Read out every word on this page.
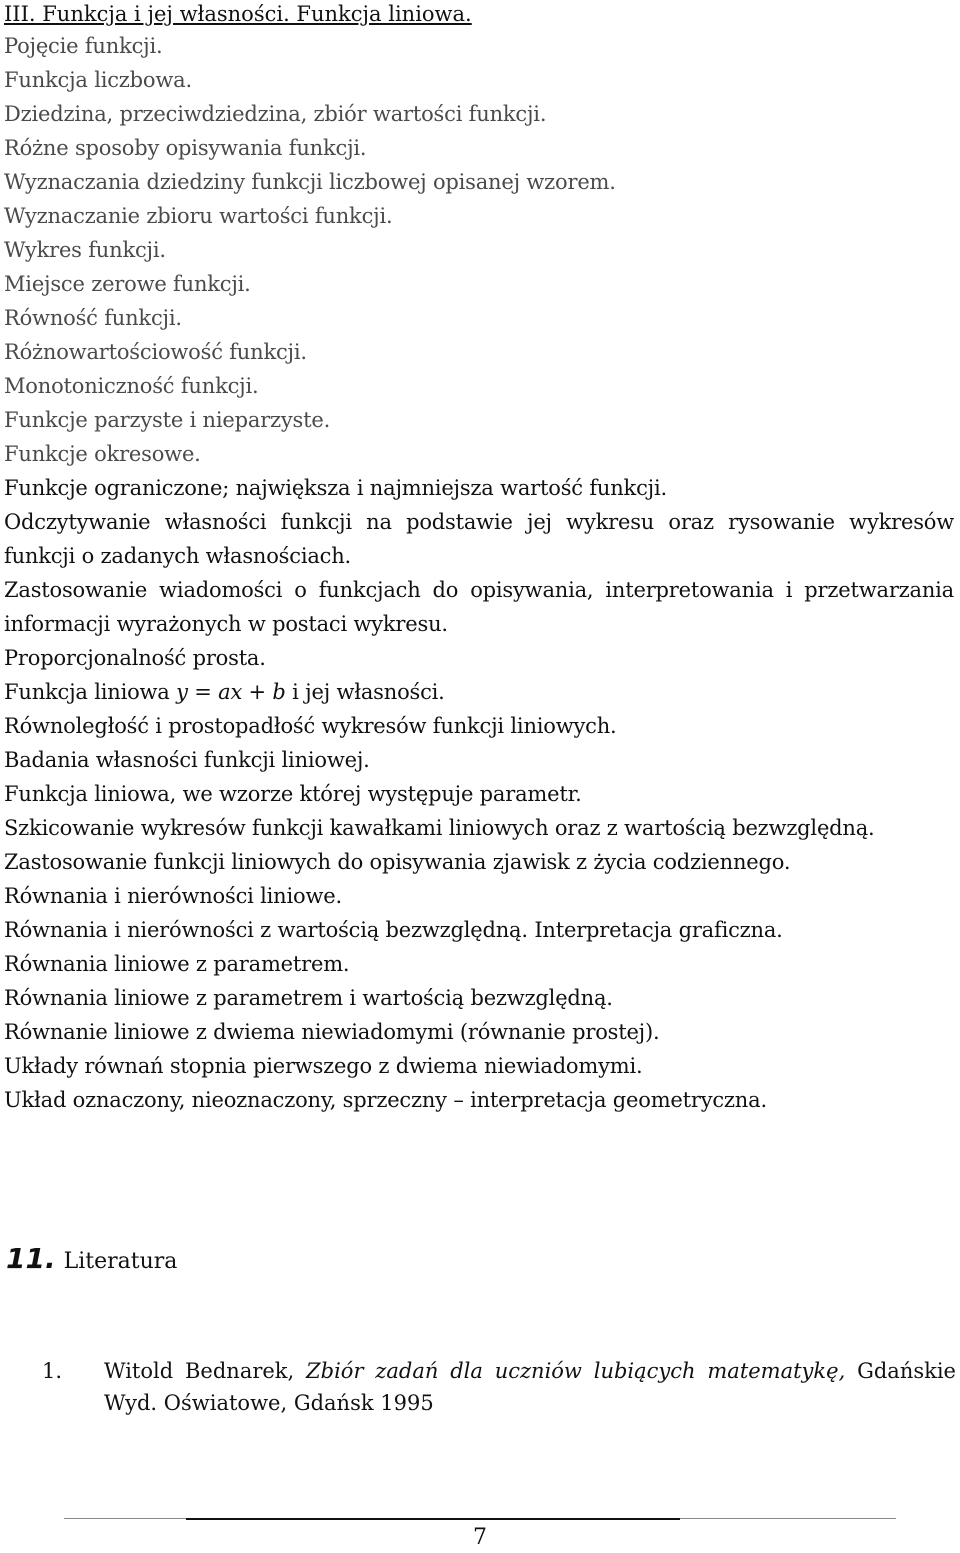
III. Funkcja i jej własności. Funkcja liniowa.
Pojęcie funkcji.
Funkcja liczbowa.
Dziedzina, przeciwdziedzina, zbiór wartości funkcji.
Różne sposoby opisywania funkcji.
Wyznaczania dziedziny funkcji liczbowej opisanej wzorem.
Wyznaczanie zbioru wartości funkcji.
Wykres funkcji.
Miejsce zerowe funkcji.
Równość funkcji.
Różnowartościowość funkcji.
Monotoniczność funkcji.
Funkcje parzyste i nieparzyste.
Funkcje okresowe.
Funkcje ograniczone; największa i najmniejsza wartość funkcji.
Odczytywanie własności funkcji na podstawie jej wykresu oraz rysowanie wykresów funkcji o zadanych własnościach.
Zastosowanie wiadomości o funkcjach do opisywania, interpretowania i przetwarzania informacji wyrażonych w postaci wykresu.
Proporcjonalność prosta.
Funkcja liniowa y = ax + b i jej własności.
Równoległość i prostopadłość wykresów funkcji liniowych.
Badania własności funkcji liniowej.
Funkcja liniowa, we wzorze której występuje parametr.
Szkicowanie wykresów funkcji kawałkami liniowych oraz z wartością bezwzględną.
Zastosowanie funkcji liniowych do opisywania zjawisk z życia codziennego.
Równania i nierówności liniowe.
Równania i nierówności z wartością bezwzględną. Interpretacja graficzna.
Równania liniowe z parametrem.
Równania liniowe z parametrem i wartością bezwzględną.
Równanie liniowe z dwiema niewiadomymi (równanie prostej).
Układy równań stopnia pierwszego z dwiema niewiadomymi.
Układ oznaczony, nieoznaczony, sprzeczny – interpretacja geometryczna.
11. Literatura
1.	Witold Bednarek, Zbiór zadań dla uczniów lubiących matematykę, Gdańskie Wyd. Oświatowe, Gdańsk 1995
7
